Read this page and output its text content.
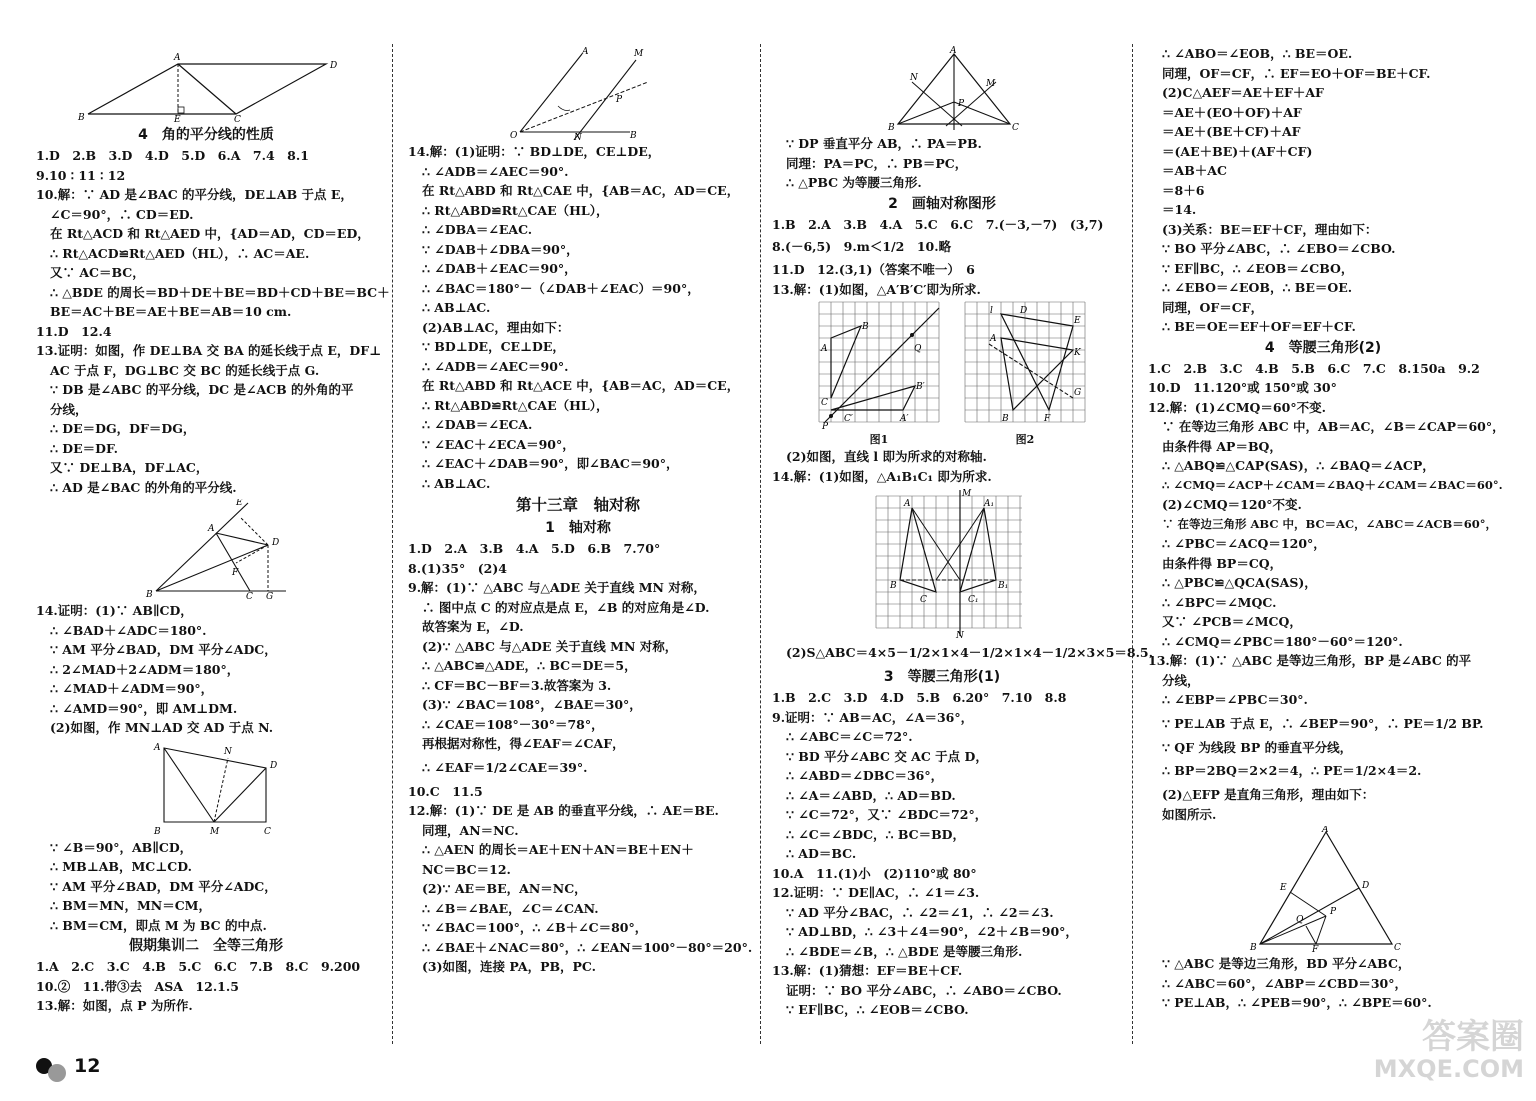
A
D
B	E	C
4　角的平分线的性质
1.D　2.B　3.D　4.D　5.D　6.A　7.4　8.1
9.10 ∶ 11 ∶ 12
10.解：∵ AD 是∠BAC 的平分线，DE⊥AB 于点 E，
∠C＝90°，∴ CD＝ED.
在 Rt△ACD 和 Rt△AED 中，{AD＝AD，CD＝ED，
∴ Rt△ACD≌Rt△AED（HL），∴ AC＝AE.
又∵ AC＝BC，
∴ △BDE 的周长＝BD＋DE＋BE＝BD＋CD＋BE＝BC＋
BE＝AC＋BE＝AE＋BE＝AB＝10 cm.
11.D　12.4
13.证明：如图，作 DE⊥BA 交 BA 的延长线于点 E，DF⊥
AC 于点 F，DG⊥BC 交 BC 的延长线于点 G.
∵ DB 是∠ABC 的平分线，DC 是∠ACB 的外角的平
分线，
∴ DE＝DG，DF＝DG，
∴ DE＝DF.
又∵ DE⊥BA，DF⊥AC，
∴ AD 是∠BAC 的外角的平分线.
E
A
D
B
F
C G
14.证明：(1)∵ AB∥CD，
∴ ∠BAD＋∠ADC＝180°.
∵ AM 平分∠BAD，DM 平分∠ADC，
∴ 2∠MAD＋2∠ADM＝180°，
∴ ∠MAD＋∠ADM＝90°，
∴ ∠AMD＝90°，即 AM⊥DM.
(2)如图，作 MN⊥AD 交 AD 于点 N.
A	N
D
B	M	C
∵ ∠B＝90°，AB∥CD，
∴ MB⊥AB，MC⊥CD.
∵ AM 平分∠BAD，DM 平分∠ADC，
∴ BM＝MN，MN＝CM，
∴ BM＝CM，即点 M 为 BC 的中点.
假期集训二　全等三角形
1.A　2.C　3.C　4.B　5.C　6.C　7.B　8.C　9.200
10.②　11.带③去　ASA　12.1.5
13.解：如图，点 P 为所作.
A	M
P
O	N	B
14.解：(1)证明：∵ BD⊥DE，CE⊥DE，
∴ ∠ADB＝∠AEC＝90°.
在 Rt△ABD 和 Rt△CAE 中，{AB＝AC，AD＝CE，
∴ Rt△ABD≌Rt△CAE（HL），
∴ ∠DBA＝∠EAC.
∵ ∠DAB＋∠DBA＝90°，
∴ ∠DAB＋∠EAC＝90°，
∴ ∠BAC＝180°－（∠DAB＋∠EAC）＝90°，
∴ AB⊥AC.
(2)AB⊥AC，理由如下：
∵ BD⊥DE，CE⊥DE，
∴ ∠ADB＝∠AEC＝90°.
在 Rt△ABD 和 Rt△ACE 中，{AB＝AC，AD＝CE，
∴ Rt△ABD≌Rt△CAE（HL），
∴ ∠DAB＝∠ECA.
∵ ∠EAC＋∠ECA＝90°，
∴ ∠EAC＋∠DAB＝90°，即∠BAC＝90°，
∴ AB⊥AC.
第十三章　轴对称
1　轴对称
1.D　2.A　3.B　4.A　5.D　6.B　7.70°
8.(1)35°　(2)4
9.解：(1)∵ △ABC 与△ADE 关于直线 MN 对称，
∴ 图中点 C 的对应点是点 E，∠B 的对应角是∠D.
故答案为 E，∠D.
(2)∵ △ABC 与△ADE 关于直线 MN 对称，
∴ △ABC≌△ADE，∴ BC＝DE＝5，
∴ CF＝BC－BF＝3.故答案为 3.
(3)∵ ∠BAC＝108°，∠BAE＝30°，
∴ ∠CAE＝108°－30°＝78°，
再根据对称性，得∠EAF＝∠CAF，
∴ ∠EAF＝1/2∠CAE＝39°.
10.C　11.5
12.解：(1)∵ DE 是 AB 的垂直平分线，∴ AE＝BE.
同理，AN＝NC.
∴ △AEN 的周长＝AE＋EN＋AN＝BE＋EN＋
NC＝BC＝12.
(2)∵ AE＝BE，AN＝NC，
∴ ∠B＝∠BAE，∠C＝∠CAN.
∵ ∠BAC＝100°，∴ ∠B＋∠C＝80°，
∴ ∠BAE＋∠NAC＝80°，∴ ∠EAN＝100°－80°＝20°.
(3)如图，连接 PA，PB，PC.
A
M
N
B
P
C
∵ DP 垂直平分 AB，∴ PA＝PB.
同理：PA＝PC，∴ PB＝PC，
∴ △PBC 为等腰三角形.
2　画轴对称图形
1.B　2.A　3.B　4.A　5.C　6.C　7.(－3,－7)　(3,7)
8.(－6,5)　9.m＜1/2　10.略
11.D　12.(3,1)（答案不唯一）　6
13.解：(1)如图，△A′B′C′即为所求.
A
B
Q
C
P
B′
C′	A′
图1
l	D
E
K
A
G
B	F
图2
(2)如图，直线 l 即为所求的对称轴.
14.解：(1)如图，△A₁B₁C₁ 即为所求.
M
A	A₁
B	B₁
C	C₁
N
(2)S△ABC＝4×5－1/2×1×4－1/2×1×4－1/2×3×5＝8.5.
3　等腰三角形(1)
1.B　2.C　3.D　4.D　5.B　6.20°　7.10　8.8
9.证明：∵ AB＝AC，∠A＝36°，
∴ ∠ABC＝∠C＝72°.
∵ BD 平分∠ABC 交 AC 于点 D，
∴ ∠ABD＝∠DBC＝36°，
∴ ∠A＝∠ABD，∴ AD＝BD.
∵ ∠C＝72°，又∵ ∠BDC＝72°，
∴ ∠C＝∠BDC，∴ BC＝BD，
∴ AD＝BC.
10.A　11.(1)小　(2)110°或 80°
12.证明：∵ DE∥AC，∴ ∠1＝∠3.
∵ AD 平分∠BAC，∴ ∠2＝∠1，∴ ∠2＝∠3.
∵ AD⊥BD，∴ ∠3＋∠4＝90°，∠2＋∠B＝90°，
∴ ∠BDE＝∠B，∴ △BDE 是等腰三角形.
13.解：(1)猜想：EF＝BE＋CF.
证明：∵ BO 平分∠ABC，∴ ∠ABO＝∠CBO.
∵ EF∥BC，∴ ∠EOB＝∠CBO.
∴ ∠ABO＝∠EOB，∴ BE＝OE.
同理，OF＝CF，∴ EF＝EO＋OF＝BE＋CF.
(2)C△AEF＝AE＋EF＋AF
＝AE＋(EO＋OF)＋AF
＝AE＋(BE＋CF)＋AF
＝(AE＋BE)＋(AF＋CF)
＝AB＋AC
＝8＋6
＝14.
(3)关系：BE＝EF＋CF，理由如下：
∵ BO 平分∠ABC，∴ ∠EBO＝∠CBO.
∵ EF∥BC，∴ ∠EOB＝∠CBO，
∴ ∠EBO＝∠EOB，∴ BE＝OE.
同理，OF＝CF，
∴ BE＝OE＝EF＋OF＝EF＋CF.
4　等腰三角形(2)
1.C　2.B　3.C　4.B　5.B　6.C　7.C　8.150a　9.2
10.D　11.120°或 150°或 30°
12.解：(1)∠CMQ＝60°不变.
∵ 在等边三角形 ABC 中，AB＝AC，∠B＝∠CAP＝60°，
由条件得 AP＝BQ，
∴ △ABQ≌△CAP(SAS)，∴ ∠BAQ＝∠ACP，
∴ ∠CMQ＝∠ACP＋∠CAM＝∠BAQ＋∠CAM＝∠BAC＝60°.
(2)∠CMQ＝120°不变.
∵ 在等边三角形 ABC 中，BC＝AC，∠ABC＝∠ACB＝60°，
∴ ∠PBC＝∠ACQ＝120°，
由条件得 BP＝CQ，
∴ △PBC≌△QCA(SAS)，
∴ ∠BPC＝∠MQC.
又∵ ∠PCB＝∠MCQ，
∴ ∠CMQ＝∠PBC＝180°－60°＝120°.
13.解：(1)∵ △ABC 是等边三角形，BP 是∠ABC 的平
分线，
∴ ∠EBP＝∠PBC＝30°.
∵ PE⊥AB 于点 E，∴ ∠BEP＝90°，∴ PE＝1/2 BP.
∵ QF 为线段 BP 的垂直平分线，
∴ BP＝2BQ＝2×2＝4，∴ PE＝1/2×4＝2.
(2)△EFP 是直角三角形，理由如下：
如图所示.
A
E	D
Q
P
B	F	C
∵ △ABC 是等边三角形，BD 平分∠ABC，
∴ ∠ABC＝60°，∠ABP＝∠CBD＝30°，
∵ PE⊥AB，∴ ∠PEB＝90°，∴ ∠BPE＝60°.
12
答案圈
MXQE.COM
